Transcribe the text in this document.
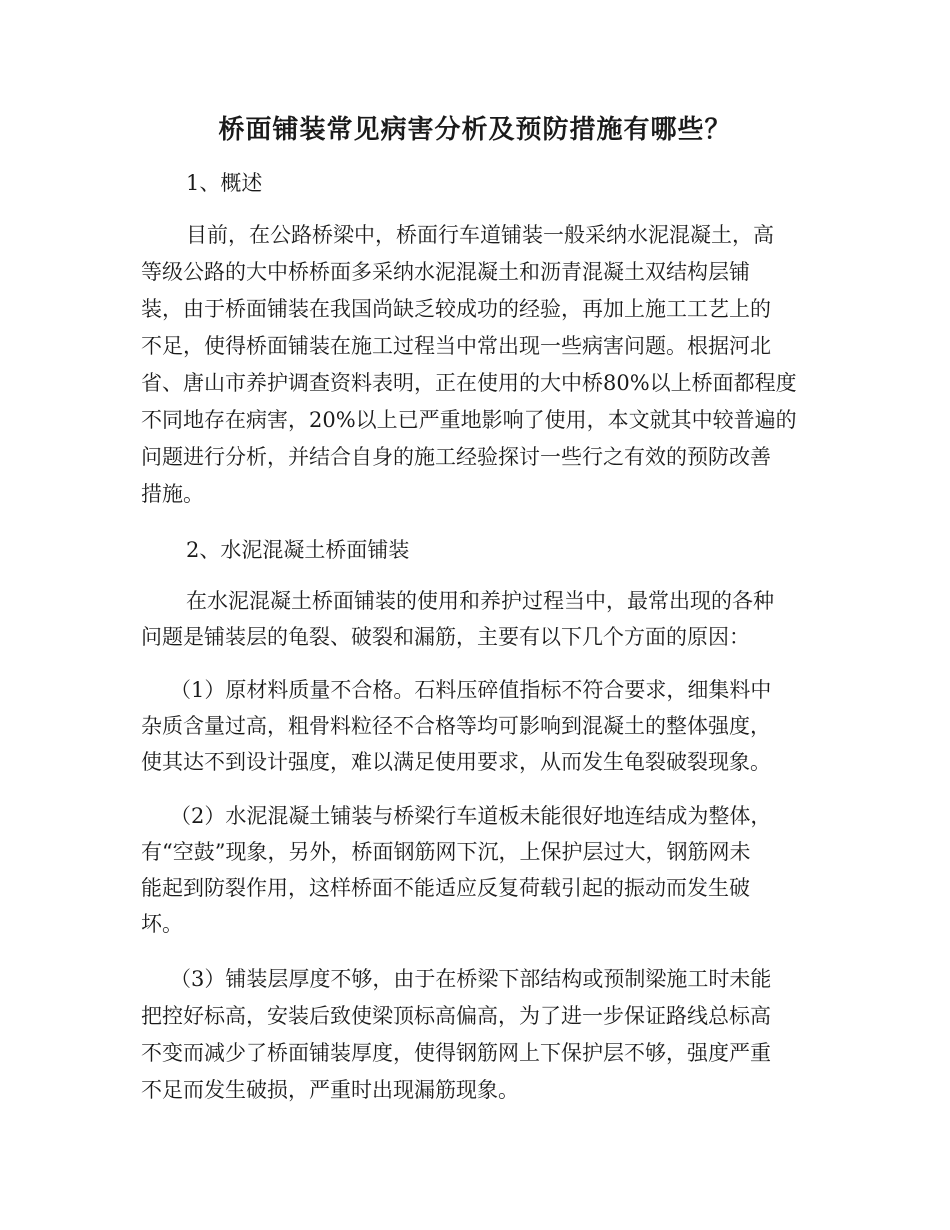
桥面铺装常见病害分析及预防措施有哪些？
1、概述
目前，在公路桥梁中，桥面行车道铺装一般采纳水泥混凝土，高
等级公路的大中桥桥面多采纳水泥混凝土和沥青混凝土双结构层铺
装，由于桥面铺装在我国尚缺乏较成功的经验，再加上施工工艺上的
不足，使得桥面铺装在施工过程当中常出现一些病害问题。根据河北
省、唐山市养护调查资料表明，正在使用的大中桥80%以上桥面都程度
不同地存在病害，20%以上已严重地影响了使用，本文就其中较普遍的
问题进行分析，并结合自身的施工经验探讨一些行之有效的预防改善
措施。
2、水泥混凝土桥面铺装
在水泥混凝土桥面铺装的使用和养护过程当中，最常出现的各种
问题是铺装层的龟裂、破裂和漏筋，主要有以下几个方面的原因：
（1）原材料质量不合格。石料压碎值指标不符合要求，细集料中
杂质含量过高，粗骨料粒径不合格等均可影响到混凝土的整体强度，
使其达不到设计强度，难以满足使用要求，从而发生龟裂破裂现象。
（2）水泥混凝土铺装与桥梁行车道板未能很好地连结成为整体，
有“空鼓”现象，另外，桥面钢筋网下沉，上保护层过大，钢筋网未
能起到防裂作用，这样桥面不能适应反复荷载引起的振动而发生破
坏。
（3）铺装层厚度不够，由于在桥梁下部结构或预制梁施工时未能
把控好标高，安装后致使梁顶标高偏高，为了进一步保证路线总标高
不变而减少了桥面铺装厚度，使得钢筋网上下保护层不够，强度严重
不足而发生破损，严重时出现漏筋现象。
